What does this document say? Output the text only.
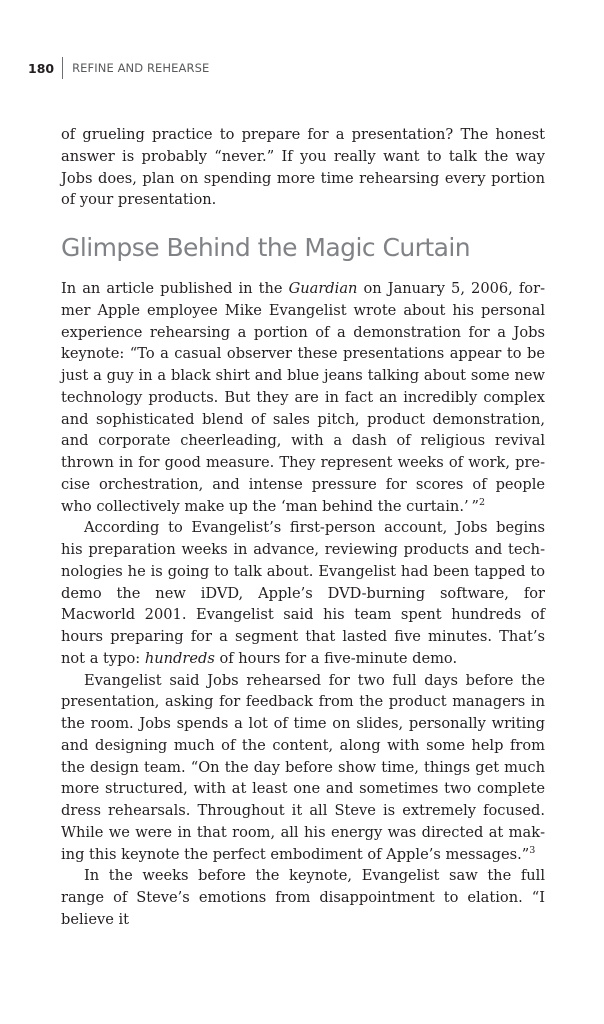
180 REFINE AND REHEARSE

of grueling practice to prepare for a presentation? The honest answer is probably “never.” If you really want to talk the way Jobs does, plan on spending more time rehearsing every portion of your presentation.

Glimpse Behind the Magic Curtain

In an article published in the Guardian on January 5, 2006, former Apple employee Mike Evangelist wrote about his personal experience rehearsing a portion of a demonstration for a Jobs keynote: “To a casual observer these presentations appear to be just a guy in a black shirt and blue jeans talking about some new technology products. But they are in fact an incredibly complex and sophisticated blend of sales pitch, product demonstration, and corporate cheerleading, with a dash of religious revival thrown in for good measure. They represent weeks of work, precise orchestration, and intense pressure for scores of people who collectively make up the ‘man behind the curtain.’ ”$^2$

According to Evangelist’s first-person account, Jobs begins his preparation weeks in advance, reviewing products and technologies he is going to talk about. Evangelist had been tapped to demo the new iDVD, Apple’s DVD-burning software, for Macworld 2001. Evangelist said his team spent hundreds of hours preparing for a segment that lasted five minutes. That’s not a typo: hundreds of hours for a five-minute demo.

Evangelist said Jobs rehearsed for two full days before the presentation, asking for feedback from the product managers in the room. Jobs spends a lot of time on slides, personally writing and designing much of the content, along with some help from the design team. “On the day before show time, things get much more structured, with at least one and sometimes two complete dress rehearsals. Throughout it all Steve is extremely focused. While we were in that room, all his energy was directed at making this keynote the perfect embodiment of Apple’s messages.”$^3$

In the weeks before the keynote, Evangelist saw the full range of Steve’s emotions from disappointment to elation. “I believe it
